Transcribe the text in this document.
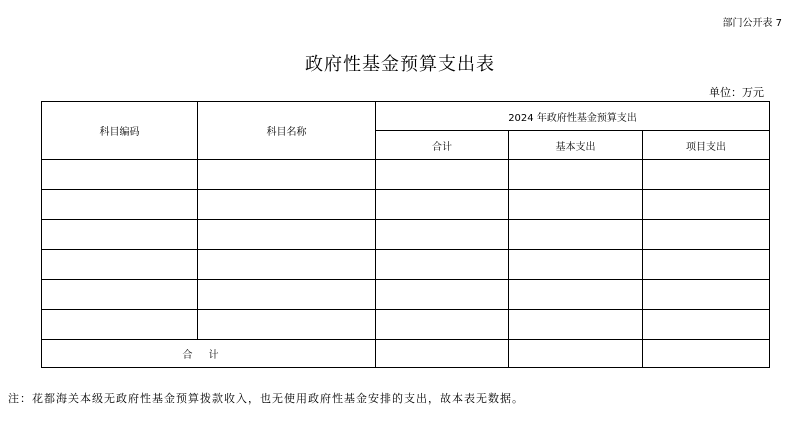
部门公开表 7
政府性基金预算支出表
单位：万元
科目编码	科目名称	2024 年政府性基金预算支出		
		合计	基本支出	项目支出

合计				
注：花都海关本级无政府性基金预算拨款收入，也无使用政府性基金安排的支出，故本表无数据。
